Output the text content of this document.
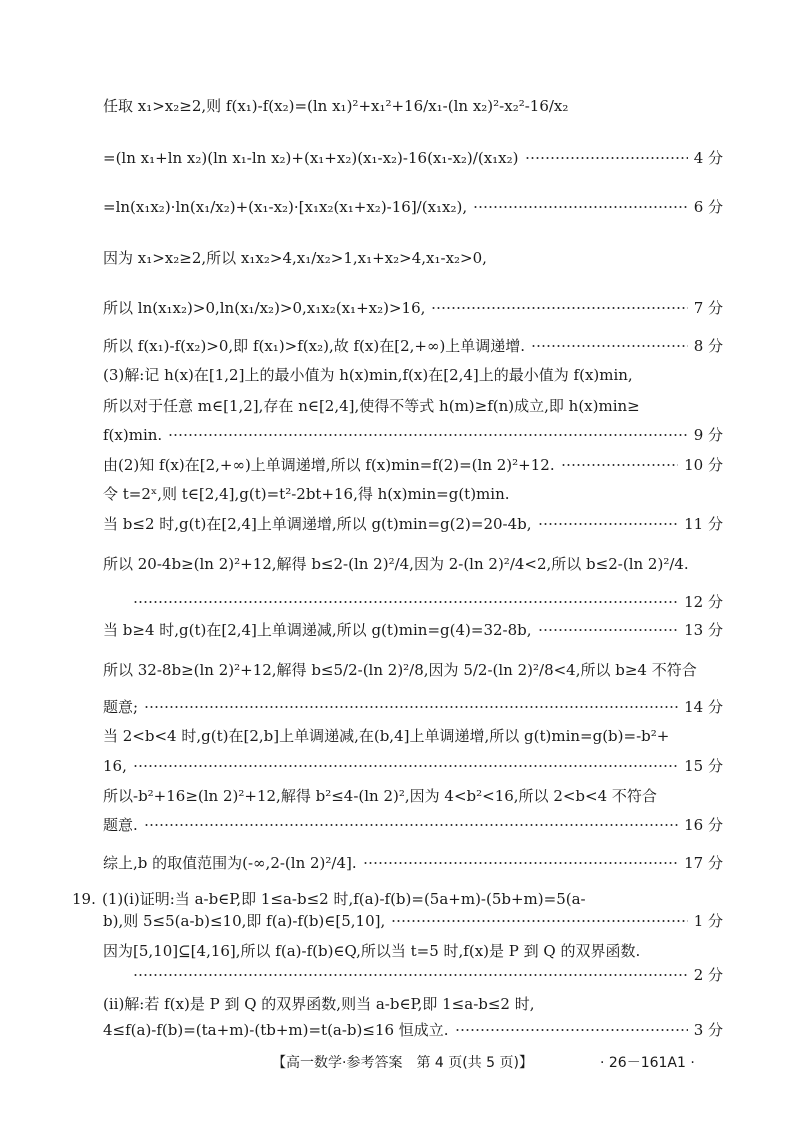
任取 x₁>x₂≥2,则 f(x₁)-f(x₂)=(ln x₁)²+x₁²+16/x₁-(ln x₂)²-x₂²-16/x₂
=(ln x₁+ln x₂)(ln x₁-ln x₂)+(x₁+x₂)(x₁-x₂)-16(x₁-x₂)/(x₁x₂)	4 分
=ln(x₁x₂)·ln(x₁/x₂)+(x₁-x₂)·[x₁x₂(x₁+x₂)-16]/(x₁x₂),	6 分
因为 x₁>x₂≥2,所以 x₁x₂>4,x₁/x₂>1,x₁+x₂>4,x₁-x₂>0,
所以 ln(x₁x₂)>0,ln(x₁/x₂)>0,x₁x₂(x₁+x₂)>16,	7 分
所以 f(x₁)-f(x₂)>0,即 f(x₁)>f(x₂),故 f(x)在[2,+∞)上单调递增.	8 分
(3)解:记 h(x)在[1,2]上的最小值为 h(x)min,f(x)在[2,4]上的最小值为 f(x)min,
所以对于任意 m∈[1,2],存在 n∈[2,4],使得不等式 h(m)≥f(n)成立,即 h(x)min≥
f(x)min.	9 分
由(2)知 f(x)在[2,+∞)上单调递增,所以 f(x)min=f(2)=(ln 2)²+12.	10 分
令 t=2ˣ,则 t∈[2,4],g(t)=t²-2bt+16,得 h(x)min=g(t)min.
当 b≤2 时,g(t)在[2,4]上单调递增,所以 g(t)min=g(2)=20-4b,	11 分
所以 20-4b≥(ln 2)²+12,解得 b≤2-(ln 2)²/4,因为 2-(ln 2)²/4<2,所以 b≤2-(ln 2)²/4.
12 分
当 b≥4 时,g(t)在[2,4]上单调递减,所以 g(t)min=g(4)=32-8b,	13 分
所以 32-8b≥(ln 2)²+12,解得 b≤5/2-(ln 2)²/8,因为 5/2-(ln 2)²/8<4,所以 b≥4 不符合
题意;	14 分
当 2<b<4 时,g(t)在[2,b]上单调递减,在(b,4]上单调递增,所以 g(t)min=g(b)=-b²+
16,	15 分
所以-b²+16≥(ln 2)²+12,解得 b²≤4-(ln 2)²,因为 4<b²<16,所以 2<b<4 不符合
题意.	16 分
综上,b 的取值范围为(-∞,2-(ln 2)²/4].	17 分
19. (1)(ⅰ)证明:当 a-b∈P,即 1≤a-b≤2 时,f(a)-f(b)=(5a+m)-(5b+m)=5(a-
b),则 5≤5(a-b)≤10,即 f(a)-f(b)∈[5,10],	1 分
因为[5,10]⊆[4,16],所以 f(a)-f(b)∈Q,所以当 t=5 时,f(x)是 P 到 Q 的双界函数.
2 分
(ⅱ)解:若 f(x)是 P 到 Q 的双界函数,则当 a-b∈P,即 1≤a-b≤2 时,
4≤f(a)-f(b)=(ta+m)-(tb+m)=t(a-b)≤16 恒成立.	3 分
【高一数学·参考答案　第 4 页(共 5 页)】	· 26－161A1 ·
